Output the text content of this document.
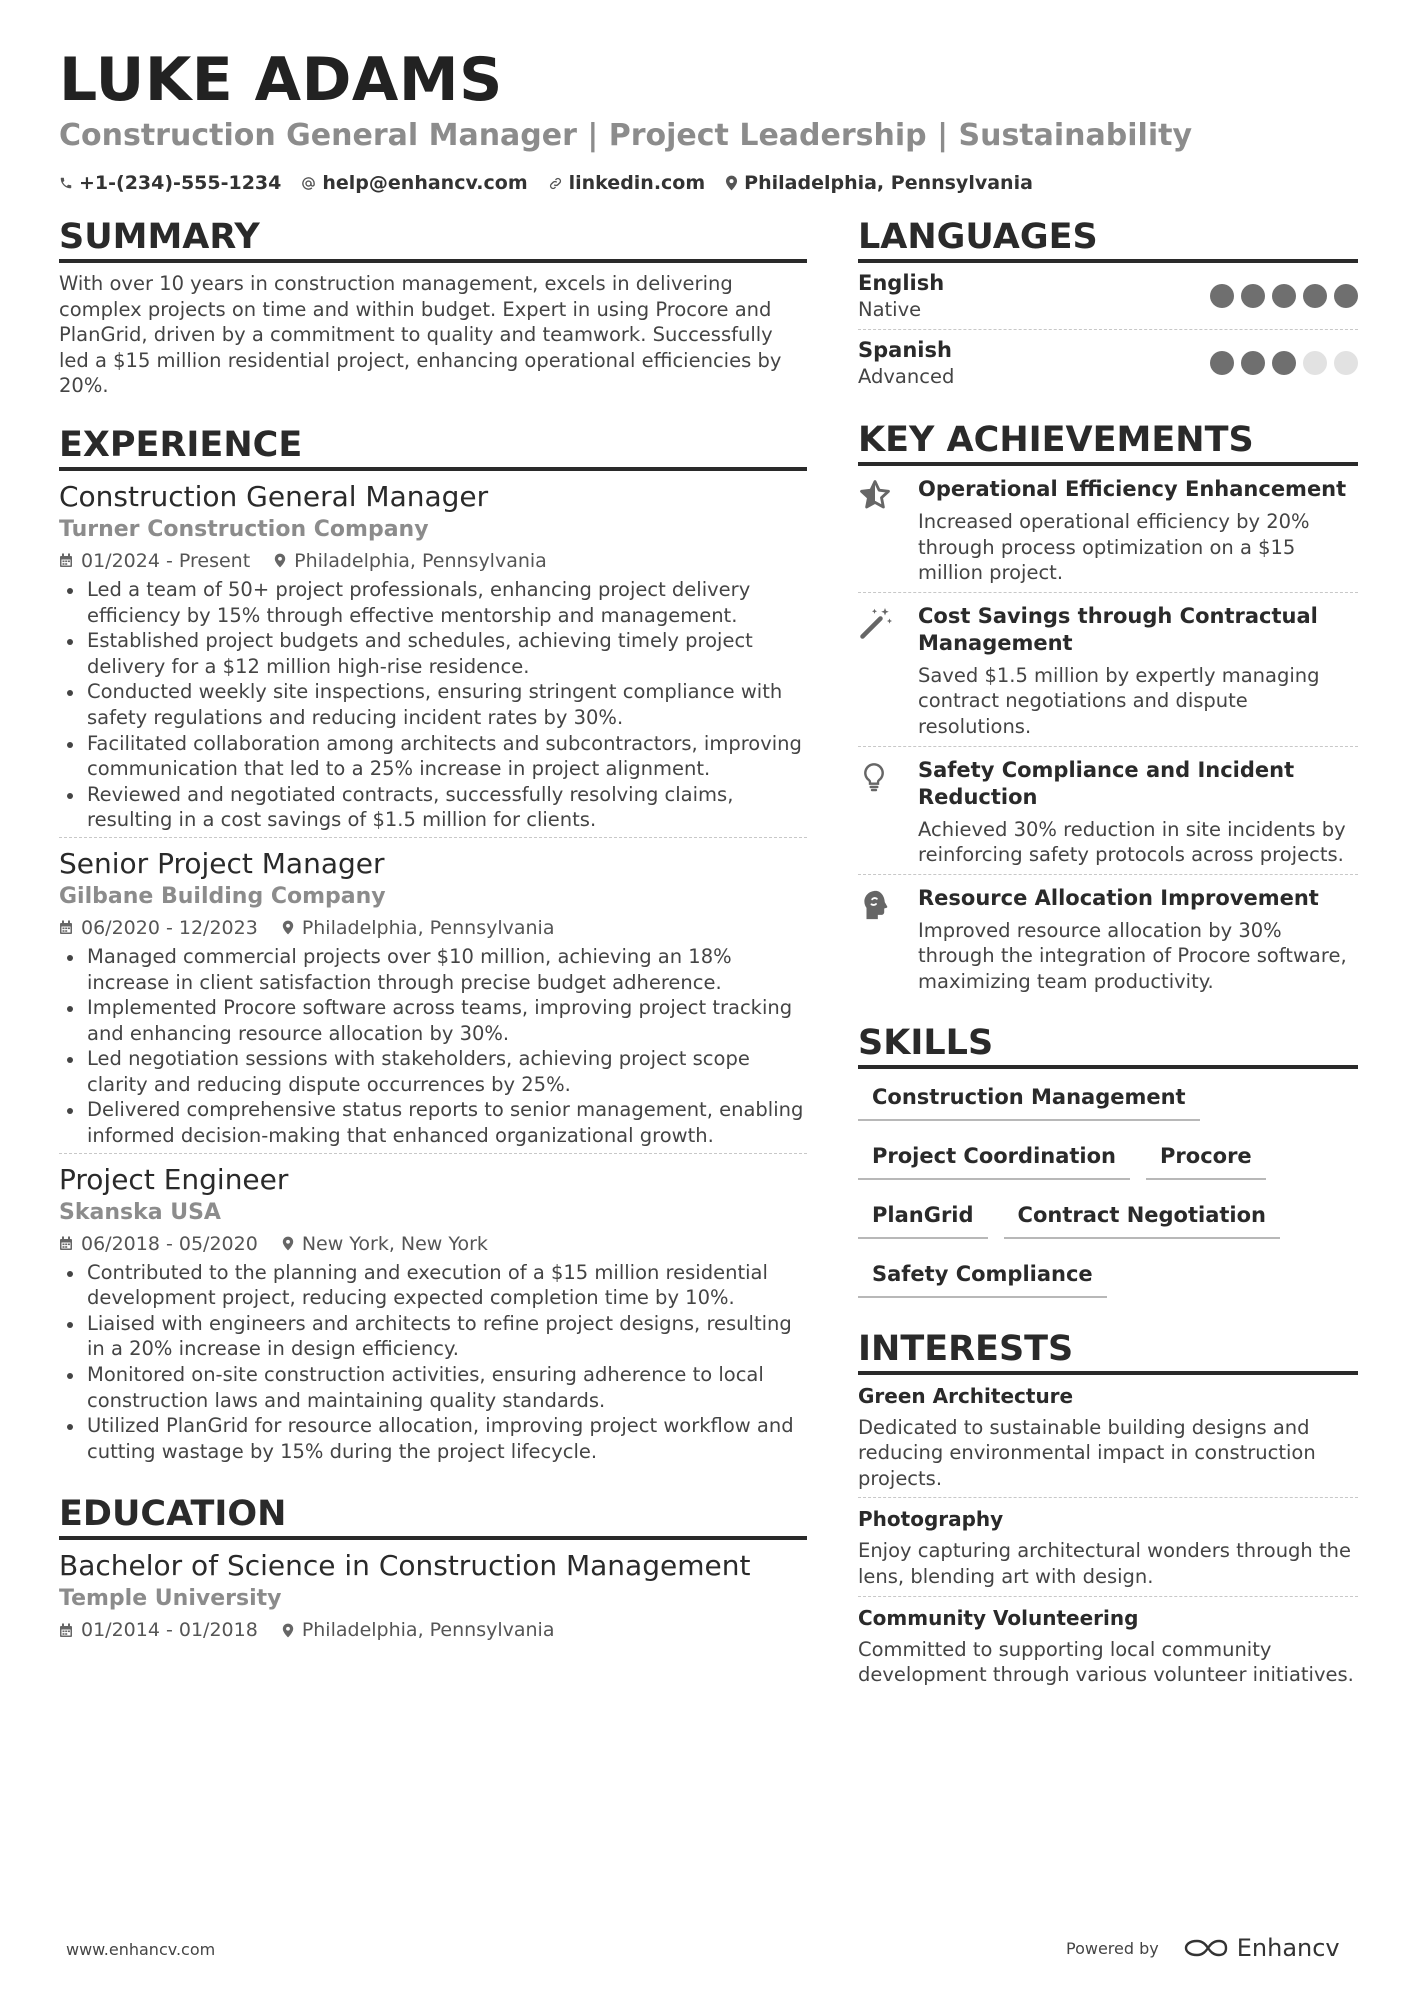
LUKE ADAMS
Construction General Manager | Project Leadership | Sustainability
+1-(234)-555-1234 help@enhancv.com linkedin.com Philadelphia, Pennsylvania
SUMMARY
With over 10 years in construction management, excels in delivering complex projects on time and within budget. Expert in using Procore and PlanGrid, driven by a commitment to quality and teamwork. Successfully led a $15 million residential project, enhancing operational efficiencies by 20%.
EXPERIENCE
Construction General Manager
Turner Construction Company
01/2024 - Present Philadelphia, Pennsylvania
Led a team of 50+ project professionals, enhancing project delivery efficiency by 15% through effective mentorship and management.
Established project budgets and schedules, achieving timely project delivery for a $12 million high-rise residence.
Conducted weekly site inspections, ensuring stringent compliance with safety regulations and reducing incident rates by 30%.
Facilitated collaboration among architects and subcontractors, improving communication that led to a 25% increase in project alignment.
Reviewed and negotiated contracts, successfully resolving claims, resulting in a cost savings of $1.5 million for clients.
Senior Project Manager
Gilbane Building Company
06/2020 - 12/2023 Philadelphia, Pennsylvania
Managed commercial projects over $10 million, achieving an 18% increase in client satisfaction through precise budget adherence.
Implemented Procore software across teams, improving project tracking and enhancing resource allocation by 30%.
Led negotiation sessions with stakeholders, achieving project scope clarity and reducing dispute occurrences by 25%.
Delivered comprehensive status reports to senior management, enabling informed decision-making that enhanced organizational growth.
Project Engineer
Skanska USA
06/2018 - 05/2020 New York, New York
Contributed to the planning and execution of a $15 million residential development project, reducing expected completion time by 10%.
Liaised with engineers and architects to refine project designs, resulting in a 20% increase in design efficiency.
Monitored on-site construction activities, ensuring adherence to local construction laws and maintaining quality standards.
Utilized PlanGrid for resource allocation, improving project workflow and cutting wastage by 15% during the project lifecycle.
EDUCATION
Bachelor of Science in Construction Management
Temple University
01/2014 - 01/2018 Philadelphia, Pennsylvania
LANGUAGES
English
Native
Spanish
Advanced
KEY ACHIEVEMENTS
Operational Efficiency Enhancement
Increased operational efficiency by 20% through process optimization on a $15 million project.
Cost Savings through Contractual Management
Saved $1.5 million by expertly managing contract negotiations and dispute resolutions.
Safety Compliance and Incident Reduction
Achieved 30% reduction in site incidents by reinforcing safety protocols across projects.
Resource Allocation Improvement
Improved resource allocation by 30% through the integration of Procore software, maximizing team productivity.
SKILLS
Construction Management
Project Coordination	Procore
PlanGrid	Contract Negotiation
Safety Compliance
INTERESTS
Green Architecture
Dedicated to sustainable building designs and reducing environmental impact in construction projects.
Photography
Enjoy capturing architectural wonders through the lens, blending art with design.
Community Volunteering
Committed to supporting local community development through various volunteer initiatives.
www.enhancv.com	Powered by	Enhancv
